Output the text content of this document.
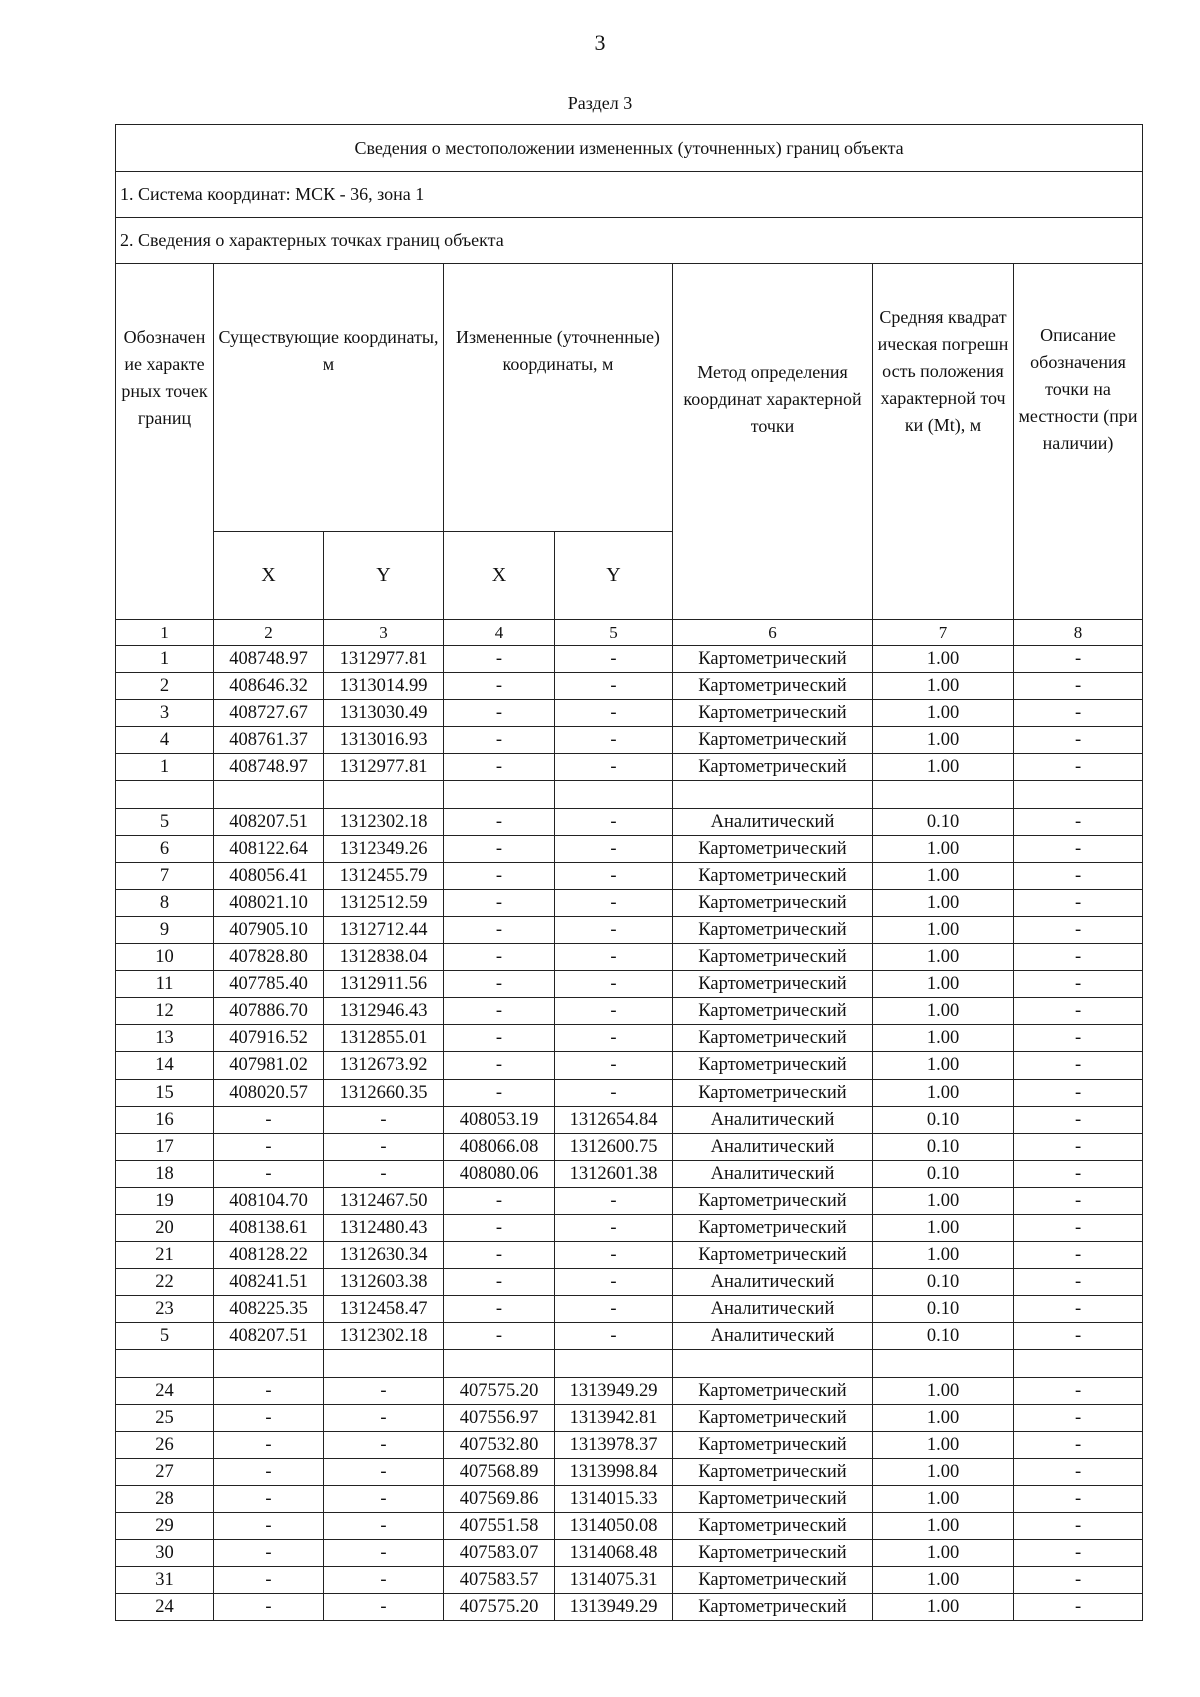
3
Раздел 3
Сведения о местоположении измененных (уточненных) границ объекта							
1. Система координат: МСК - 36, зона 1							
2. Сведения о характерных точках границ объекта							
Обозначение характерных точек границ	Существующие координаты, м		Измененные (уточненные) координаты, м		Метод определения координат характерной точки	Средняя квадратическая погрешность положения характерной точки (Mt), м	Описание обозначения точки на местности (при наличии)
	X	Y	X	Y			
1	2	3	4	5	6	7	8
1	408748.97	1312977.81	-	-	Картометрический	1.00	-
2	408646.32	1313014.99	-	-	Картометрический	1.00	-
3	408727.67	1313030.49	-	-	Картометрический	1.00	-
4	408761.37	1313016.93	-	-	Картометрический	1.00	-
1	408748.97	1312977.81	-	-	Картометрический	1.00	-

5	408207.51	1312302.18	-	-	Аналитический	0.10	-
6	408122.64	1312349.26	-	-	Картометрический	1.00	-
7	408056.41	1312455.79	-	-	Картометрический	1.00	-
8	408021.10	1312512.59	-	-	Картометрический	1.00	-
9	407905.10	1312712.44	-	-	Картометрический	1.00	-
10	407828.80	1312838.04	-	-	Картометрический	1.00	-
11	407785.40	1312911.56	-	-	Картометрический	1.00	-
12	407886.70	1312946.43	-	-	Картометрический	1.00	-
13	407916.52	1312855.01	-	-	Картометрический	1.00	-
14	407981.02	1312673.92	-	-	Картометрический	1.00	-
15	408020.57	1312660.35	-	-	Картометрический	1.00	-
16	-	-	408053.19	1312654.84	Аналитический	0.10	-
17	-	-	408066.08	1312600.75	Аналитический	0.10	-
18	-	-	408080.06	1312601.38	Аналитический	0.10	-
19	408104.70	1312467.50	-	-	Картометрический	1.00	-
20	408138.61	1312480.43	-	-	Картометрический	1.00	-
21	408128.22	1312630.34	-	-	Картометрический	1.00	-
22	408241.51	1312603.38	-	-	Аналитический	0.10	-
23	408225.35	1312458.47	-	-	Аналитический	0.10	-
5	408207.51	1312302.18	-	-	Аналитический	0.10	-

24	-	-	407575.20	1313949.29	Картометрический	1.00	-
25	-	-	407556.97	1313942.81	Картометрический	1.00	-
26	-	-	407532.80	1313978.37	Картометрический	1.00	-
27	-	-	407568.89	1313998.84	Картометрический	1.00	-
28	-	-	407569.86	1314015.33	Картометрический	1.00	-
29	-	-	407551.58	1314050.08	Картометрический	1.00	-
30	-	-	407583.07	1314068.48	Картометрический	1.00	-
31	-	-	407583.57	1314075.31	Картометрический	1.00	-
24	-	-	407575.20	1313949.29	Картометрический	1.00	-
